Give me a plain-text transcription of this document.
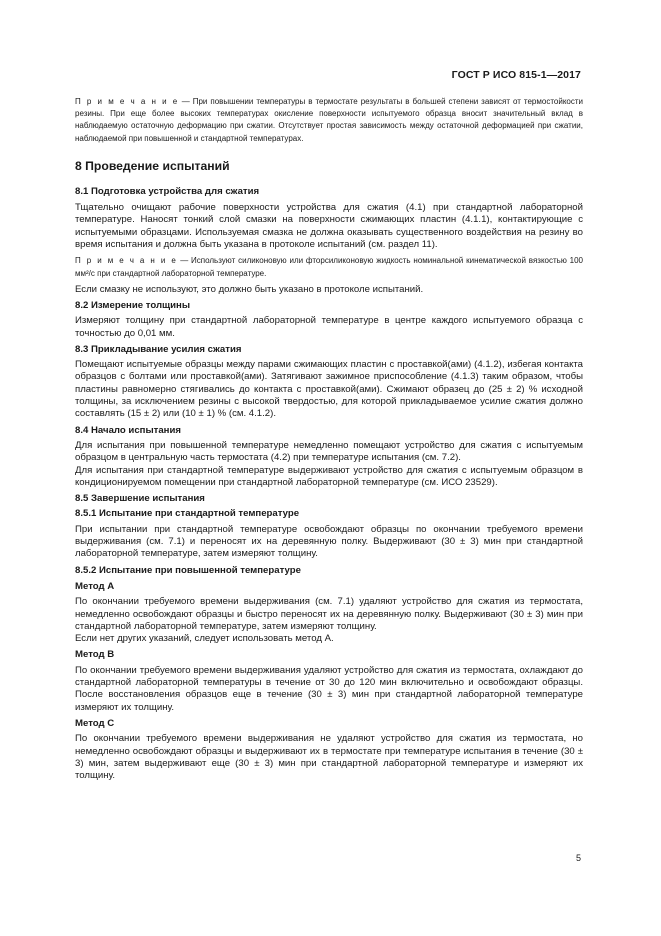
ГОСТ Р ИСО 815-1—2017

П р и м е ч а н и е — При повышении температуры в термостате результаты в большей степени зависят от термостойкости резины. При еще более высоких температурах окисление поверхности испытуемого образца вносит значительный вклад в наблюдаемую остаточную деформацию при сжатии. Отсутствует простая зависимость между остаточной деформацией при сжатии, наблюдаемой при повышенной и стандартной температурах.

8 Проведение испытаний

8.1 Подготовка устройства для сжатия

Тщательно очищают рабочие поверхности устройства для сжатия (4.1) при стандартной лабораторной температуре. Наносят тонкий слой смазки на поверхности сжимающих пластин (4.1.1), контактирующие с испытуемыми образцами. Используемая смазка не должна оказывать существенного воздействия на резину во время испытания и должна быть указана в протоколе испытаний (см. раздел 11).

П р и м е ч а н и е — Используют силиконовую или фторсиликоновую жидкость номинальной кинематической вязкостью 100 мм²/с при стандартной лабораторной температуре.

Если смазку не используют, это должно быть указано в протоколе испытаний.

8.2 Измерение толщины

Измеряют толщину при стандартной лабораторной температуре в центре каждого испытуемого образца с точностью до 0,01 мм.

8.3 Прикладывание усилия сжатия

Помещают испытуемые образцы между парами сжимающих пластин с проставкой(ами) (4.1.2), избегая контакта образцов с болтами или проставкой(ами). Затягивают зажимное приспособление (4.1.3) таким образом, чтобы пластины равномерно стягивались до контакта с проставкой(ами). Сжимают образец до (25 ± 2) % исходной толщины, за исключением резины с высокой твердостью, для которой прикладываемое усилие сжатия должно составлять (15 ± 2) или (10 ± 1) % (см. 4.1.2).

8.4 Начало испытания

Для испытания при повышенной температуре немедленно помещают устройство для сжатия с испытуемым образцом в центральную часть термостата (4.2) при температуре испытания (см. 7.2).

Для испытания при стандартной температуре выдерживают устройство для сжатия с испытуемым образцом в кондиционируемом помещении при стандартной лабораторной температуре (см. ИСО 23529).

8.5 Завершение испытания

8.5.1 Испытание при стандартной температуре

При испытании при стандартной температуре освобождают образцы по окончании требуемого времени выдерживания (см. 7.1) и переносят их на деревянную полку. Выдерживают (30 ± 3) мин при стандартной лабораторной температуре, затем измеряют толщину.

8.5.2 Испытание при повышенной температуре

Метод А

По окончании требуемого времени выдерживания (см. 7.1) удаляют устройство для сжатия из термостата, немедленно освобождают образцы и быстро переносят их на деревянную полку. Выдерживают (30 ± 3) мин при стандартной лабораторной температуре, затем измеряют толщину.

Если нет других указаний, следует использовать метод А.

Метод В

По окончании требуемого времени выдерживания удаляют устройство для сжатия из термостата, охлаждают до стандартной лабораторной температуры в течение от 30 до 120 мин включительно и освобождают образцы. После восстановления образцов еще в течение (30 ± 3) мин при стандартной лабораторной температуре измеряют их толщину.

Метод С

По окончании требуемого времени выдерживания не удаляют устройство для сжатия из термостата, но немедленно освобождают образцы и выдерживают их в термостате при температуре испытания в течение (30 ± 3) мин, затем выдерживают еще (30 ± 3) мин при стандартной лабораторной температуре и измеряют их толщину.

5
